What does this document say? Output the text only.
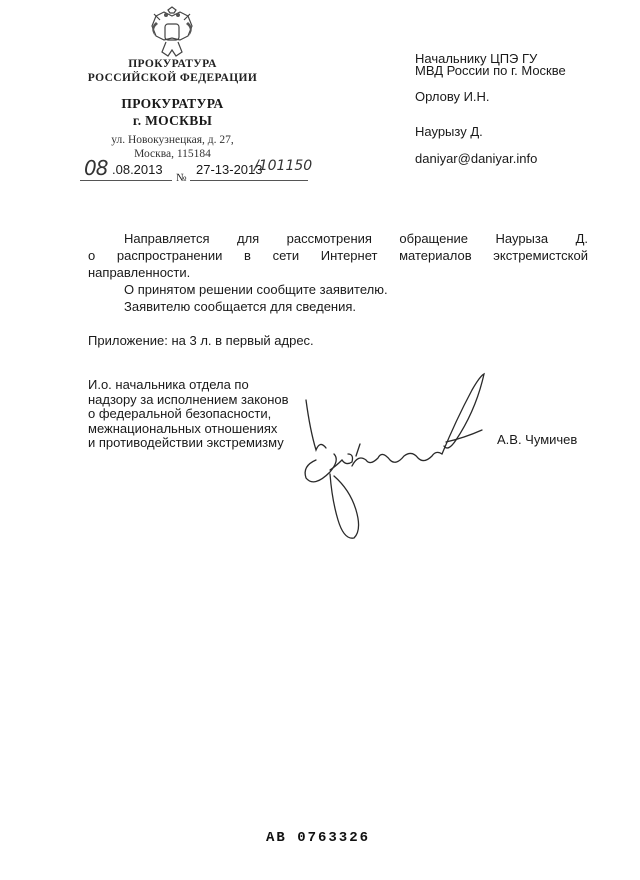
ПРОКУРАТУРА
РОССИЙСКОЙ ФЕДЕРАЦИИ
ПРОКУРАТУРА
г. МОСКВЫ
ул. Новокузнецкая, д. 27,
Москва, 115184
08 .08.2013
№
27-13-2013
/101150
Начальнику ЦПЭ ГУ
МВД России по г. Москве
Орлову И.Н.
Наурызу Д.
daniyar@daniyar.info
Направляется для рассмотрения обращение Наурыза Д.
о распространении в сети Интернет материалов экстремистской
направленности.
О принятом решении сообщите заявителю.
Заявителю сообщается для сведения.
Приложение: на 3 л. в первый адрес.
И.о. начальника отдела по
надзору за исполнением законов
о федеральной безопасности,
межнациональных отношениях
и противодействии экстремизму	А.В. Чумичев
АВ 0763326
